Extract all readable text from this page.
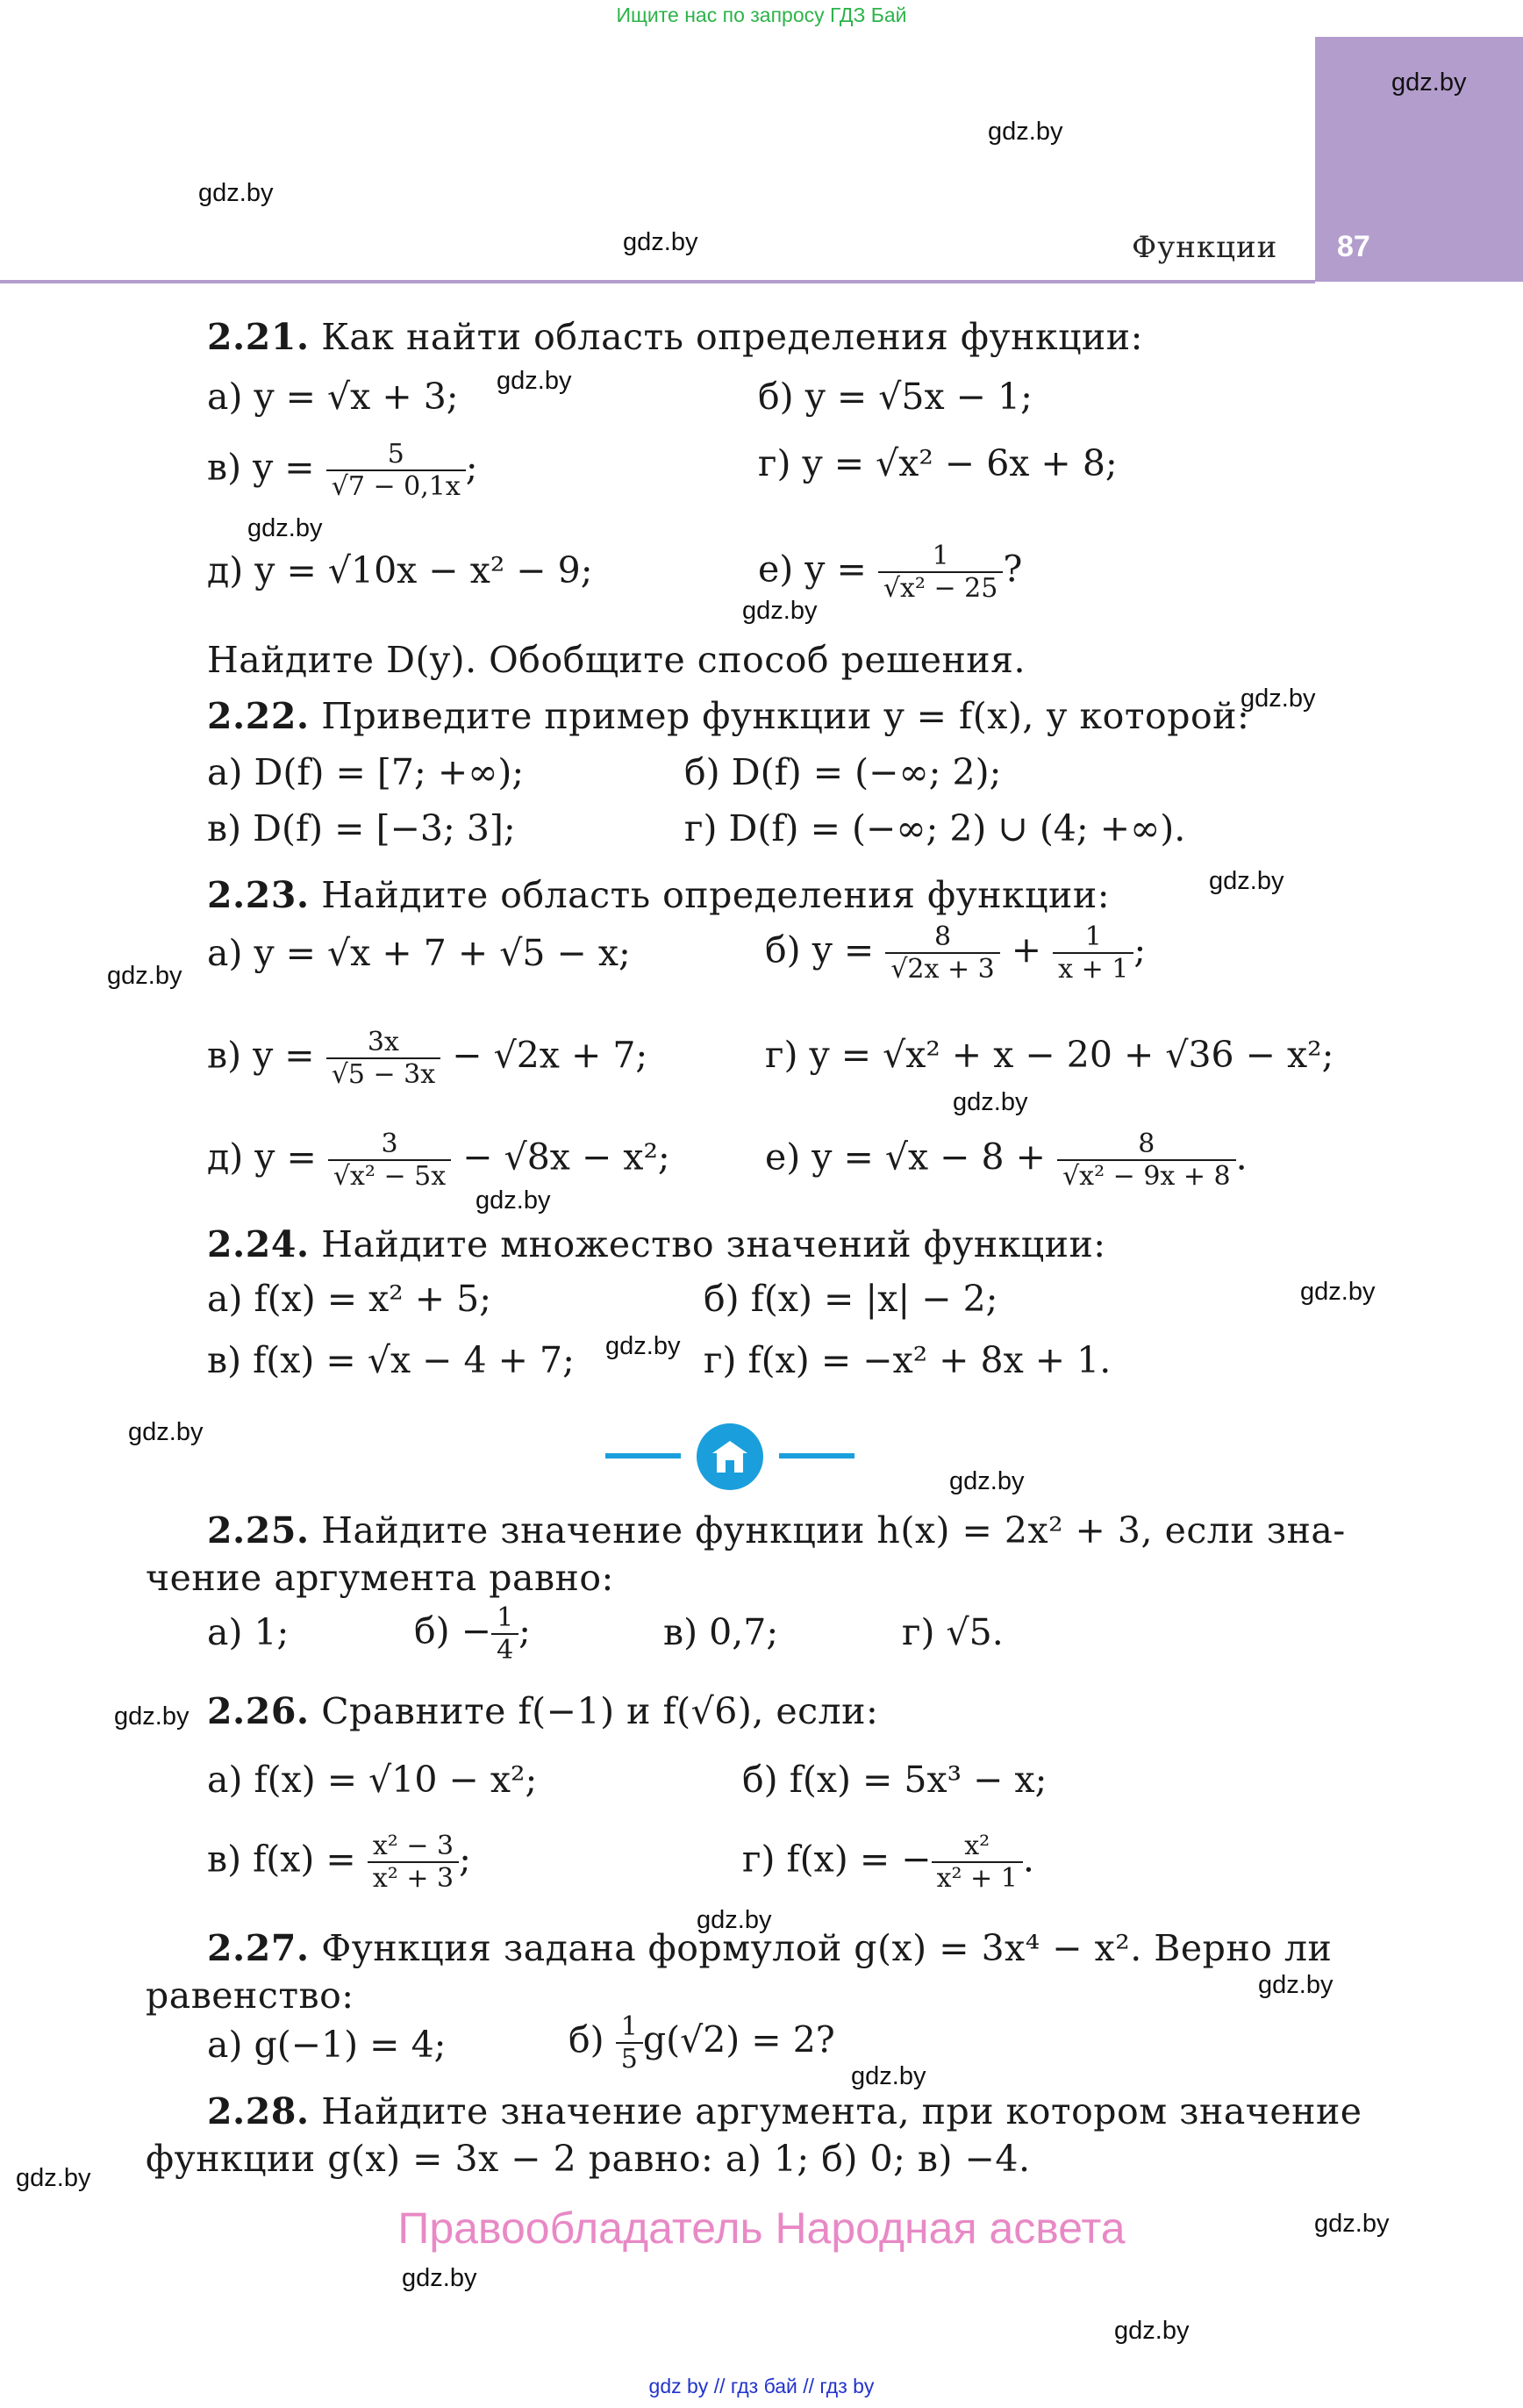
Ищите нас по запросу ГДЗ Бай
gdz by // гдз бай // гдз by
Функции 87
gdz.by
gdz.by
gdz.by
gdz.by
gdz.by
gdz.by
gdz.by
gdz.by
gdz.by
gdz.by
gdz.by
gdz.by
gdz.by
gdz.by
gdz.by
gdz.by
gdz.by
gdz.by
gdz.by
gdz.by
gdz.by
gdz.by
gdz.by
gdz.by
2.21. Как найти область определения функции:
а) y = √x + 3;	б) y = √5x − 1;
в) $y = \frac{5}{√7 - 0,1x}$ ;	г) y = √x² − 6x + 8;
д) y = √10x − x² − 9;	е) $y = \frac{1}{\text{√x² − 25}}$ ?
Найдите D(y). Обобщите способ решения.
2.22. Приведите пример функции y = f(x), у которой:
а) D(f) = [7; +∞);	б) D(f) = (−∞; 2);
в) D(f) = [−3; 3];	г) D(f) = (−∞; 2) ∪ (4; +∞).
2.23. Найдите область определения функции:
а) y = √x + 7 + √5 − x;	б) $y = \frac{8}{√2x + 3} + \frac{1}{x + 1}$ ;
в) $y = \frac{3x}{√5 - 3x} - √2x + 7$;	г) y = √x² + x − 20 + √36 − x²;
д) $y = \frac{3}{\text{√x² − 5x}} - √8x - x^2$;	е) $y = √x - 8 + \frac{8}{\text{√x² − 9x + 8}}$ .
2.24. Найдите множество значений функции:
а) f(x) = x² + 5;	б) f(x) = |x| − 2;
в) f(x) = √x − 4 + 7;	г) f(x) = −x² + 8x + 1.
2.25. Найдите значение функции h(x) = 2x² + 3, если зна-
чение аргумента равно:
а) 1;	$б) - \frac{1}{4}$ ;	в) 0,7;	г) √5.
2.26. Сравните f(−1) и f(√6), если:
а) f(x) = √10 − x²;	б) f(x) = 5x³ − x;
в) $f(x) = \frac{\text{x² − 3}}{\text{x² + 3}}$ ;	г) f(x) = − $\frac{\text{x²}}{\text{x² + 1}}$ .
2.27. Функция задана формулой g(x) = 3x⁴ − x². Верно ли
равенство:
а) g(−1) = 4;	$б) \frac{1}{5} g(√2) = 2$?
2.28. Найдите значение аргумента, при котором значение
функции g(x) = 3x − 2 равно: а) 1; б) 0; в) −4.
Правообладатель Народная асвета
